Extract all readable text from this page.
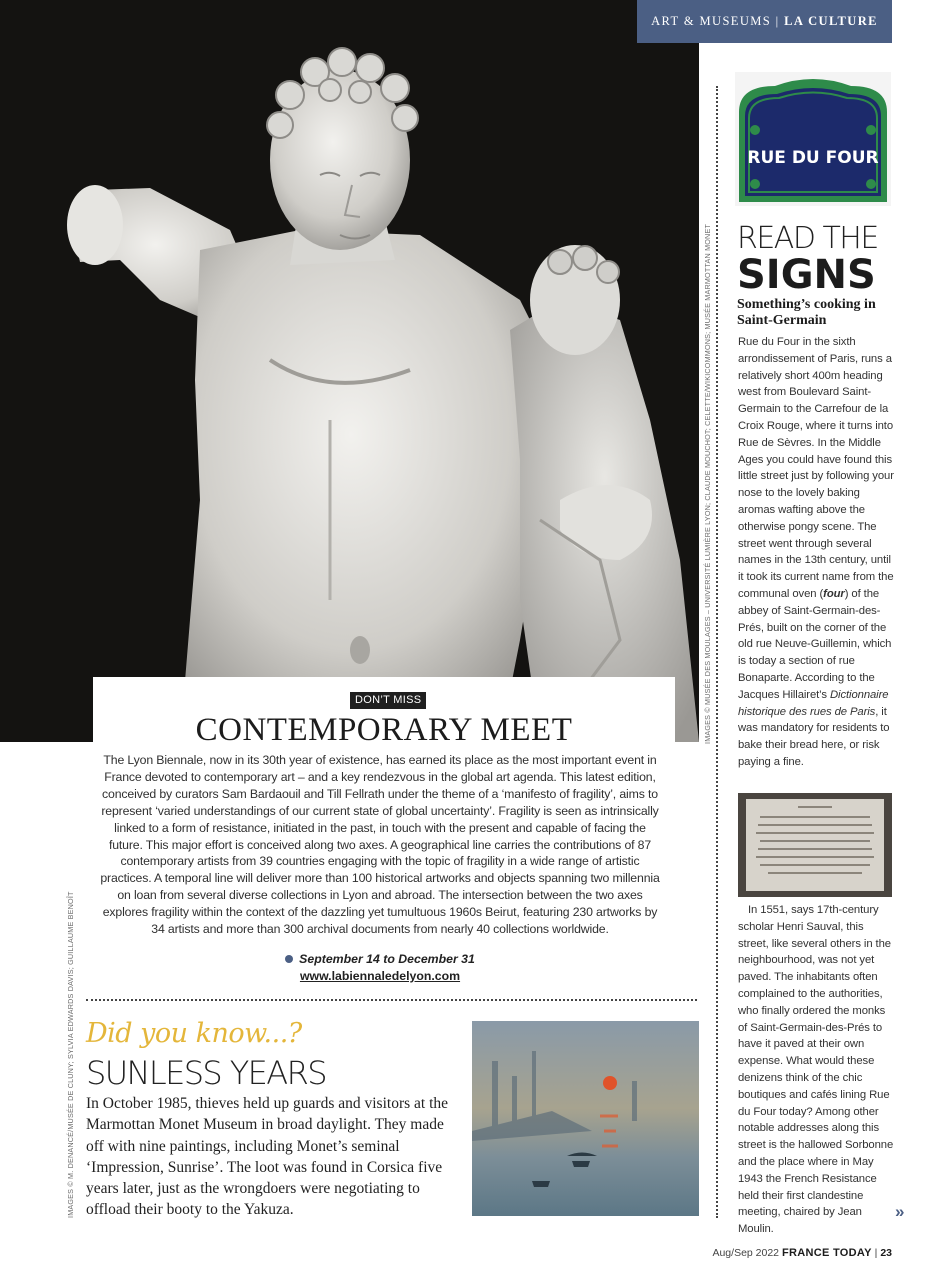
ART & MUSEUMS
|
LA CULTURE
RUE DU FOUR
READ THE
SIGNS
Something’s cooking in Saint-Germain
Rue du Four in the sixth arrondissement of Paris, runs a relatively short 400m heading west from Boulevard Saint-Germain to the Carrefour de la Croix Rouge, where it turns into Rue de Sèvres. In the Middle Ages you could have found this little street just by following your nose to the lovely baking aromas wafting above the otherwise pongy scene. The street went through several names in the 13th century, until it took its current name from the communal oven (four) of the abbey of Saint-Germain-des-Prés, built on the corner of the old rue Neuve-Guillemin, which is today a section of rue Bonaparte. According to the Jacques Hillairet’s Dictionnaire historique des rues de Paris, it was mandatory for residents to bake their bread here, or risk paying a fine.
In 1551, says 17th-century scholar Henri Sauval, this street, like several others in the neighbourhood, was not yet paved. The inhabitants often complained to the authorities, who finally ordered the monks of Saint-Germain-des-Prés to have it paved at their own expense. What would these denizens think of the chic boutiques and cafés lining Rue du Four today? Among other notable addresses along this street is the hallowed Sorbonne and the place where in May 1943 the French Resistance held their first clandestine meeting, chaired by Jean Moulin.
»
IMAGES © MUSÉE DES MOULAGES – UNIVERSITÉ LUMIÈRE LYON; CLAUDE MOUCHOT; CELETTE/WIKICOMMONS; MUSÉE MARMOTTAN MONET
IMAGES © M. DENANCÉ/MUSÉE DE CLUNY; SYLVIA EDWARDS DAVIS; GUILLAUME BENOÎT
DON’T MISS
CONTEMPORARY MEET
The Lyon Biennale, now in its 30th year of existence, has earned its place as the most important event in France devoted to contemporary art – and a key rendezvous in the global art agenda. This latest edition, conceived by curators Sam Bardaouil and Till Fellrath under the theme of a ‘manifesto of fragility’, aims to represent ‘varied understandings of our current state of global uncertainty’. Fragility is seen as intrinsically linked to a form of resistance, initiated in the past, in touch with the present and capable of facing the future. This major effort is conceived along two axes. A geographical line carries the contributions of 87 contemporary artists from 39 countries engaging with the topic of fragility in a wide range of artistic practices. A temporal line will deliver more than 100 historical artworks and objects spanning two millennia on loan from several diverse collections in Lyon and abroad. The intersection between the two axes explores fragility within the context of the dazzling yet tumultuous 1960s Beirut, featuring 230 artworks by 34 artists and more than 300 archival documents from nearly 40 collections worldwide.
September 14 to December 31
www.labiennaledelyon.com
Did you know...?
SUNLESS YEARS
In October 1985, thieves held up guards and visitors at the Marmottan Monet Museum in broad daylight. They made off with nine paintings, including Monet’s seminal ‘Impression, Sunrise’. The loot was found in Corsica five years later, just as the wrongdoers were negotiating to offload their booty to the Yakuza.
Aug/Sep 2022 FRANCE TODAY | 23
